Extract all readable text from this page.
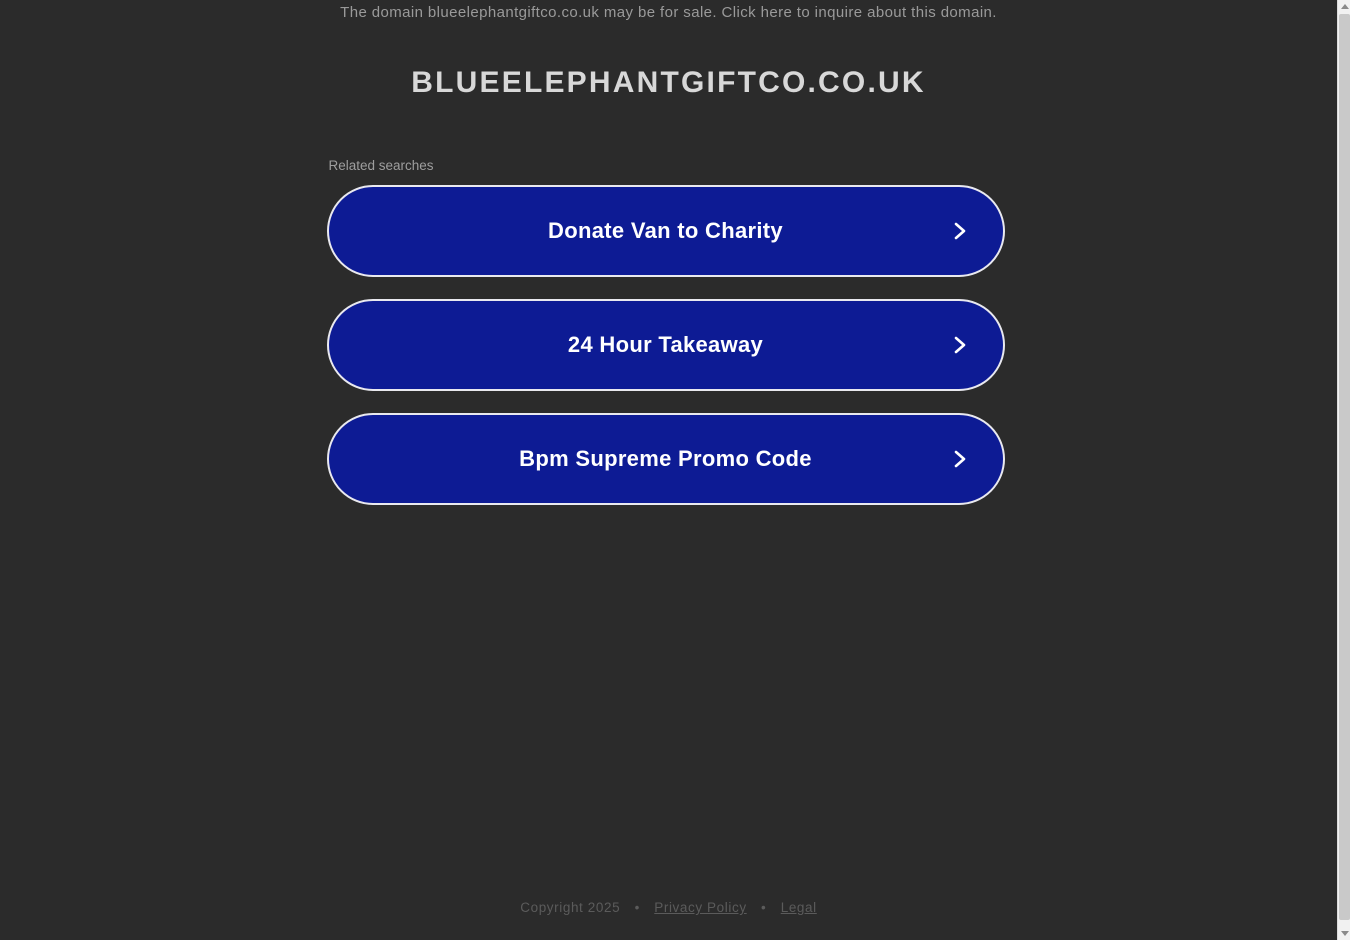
The domain blueelephantgiftco.co.uk may be for sale. Click here to inquire about this domain.
BLUEELEPHANTGIFTCO.CO.UK
Related searches
Donate Van to Charity
24 Hour Takeaway
Bpm Supreme Promo Code
Copyright 2025 • Privacy Policy • Legal
